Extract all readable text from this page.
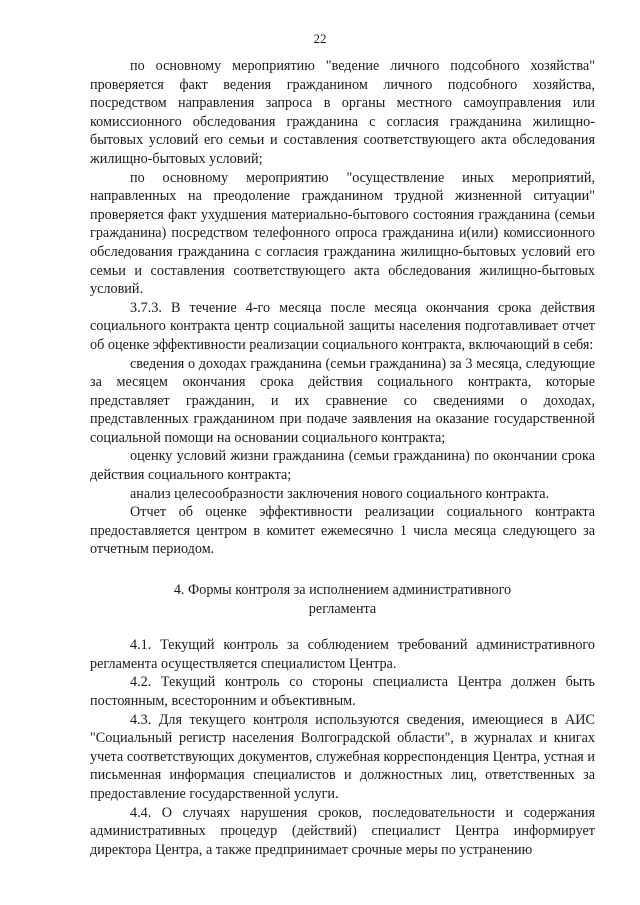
22

по основному мероприятию "ведение личного подсобного хозяйства" проверяется факт ведения гражданином личного подсобного хозяйства, посредством направления запроса в органы местного самоуправления или комиссионного обследования гражданина с согласия гражданина жилищно-бытовых условий его семьи и составления соответствующего акта обследования жилищно-бытовых условий;

по основному мероприятию "осуществление иных мероприятий, направленных на преодоление гражданином трудной жизненной ситуации" проверяется факт ухудшения материально-бытового состояния гражданина (семьи гражданина) посредством телефонного опроса гражданина и(или) комиссионного обследования гражданина с согласия гражданина жилищно-бытовых условий его семьи и составления соответствующего акта обследования жилищно-бытовых условий.

3.7.3. В течение 4-го месяца после месяца окончания срока действия социального контракта центр социальной защиты населения подготавливает отчет об оценке эффективности реализации социального контракта, включающий в себя:

сведения о доходах гражданина (семьи гражданина) за 3 месяца, следующие за месяцем окончания срока действия социального контракта, которые представляет гражданин, и их сравнение со сведениями о доходах, представленных гражданином при подаче заявления на оказание государственной социальной помощи на основании социального контракта;

оценку условий жизни гражданина (семьи гражданина) по окончании срока действия социального контракта;

анализ целесообразности заключения нового социального контракта.

Отчет об оценке эффективности реализации социального контракта предоставляется центром в комитет ежемесячно 1 числа месяца следующего за отчетным периодом.

4. Формы контроля за исполнением административного
регламента

4.1. Текущий контроль за соблюдением требований административного регламента осуществляется специалистом Центра.

4.2. Текущий контроль со стороны специалиста Центра должен быть постоянным, всесторонним и объективным.

4.3. Для текущего контроля используются сведения, имеющиеся в АИС "Социальный регистр населения Волгоградской области", в журналах и книгах учета соответствующих документов, служебная корреспонденция Центра, устная и письменная информация специалистов и должностных лиц, ответственных за предоставление государственной услуги.

4.4. О случаях нарушения сроков, последовательности и содержания административных процедур (действий) специалист Центра информирует директора Центра, а также предпринимает срочные меры по устранению
